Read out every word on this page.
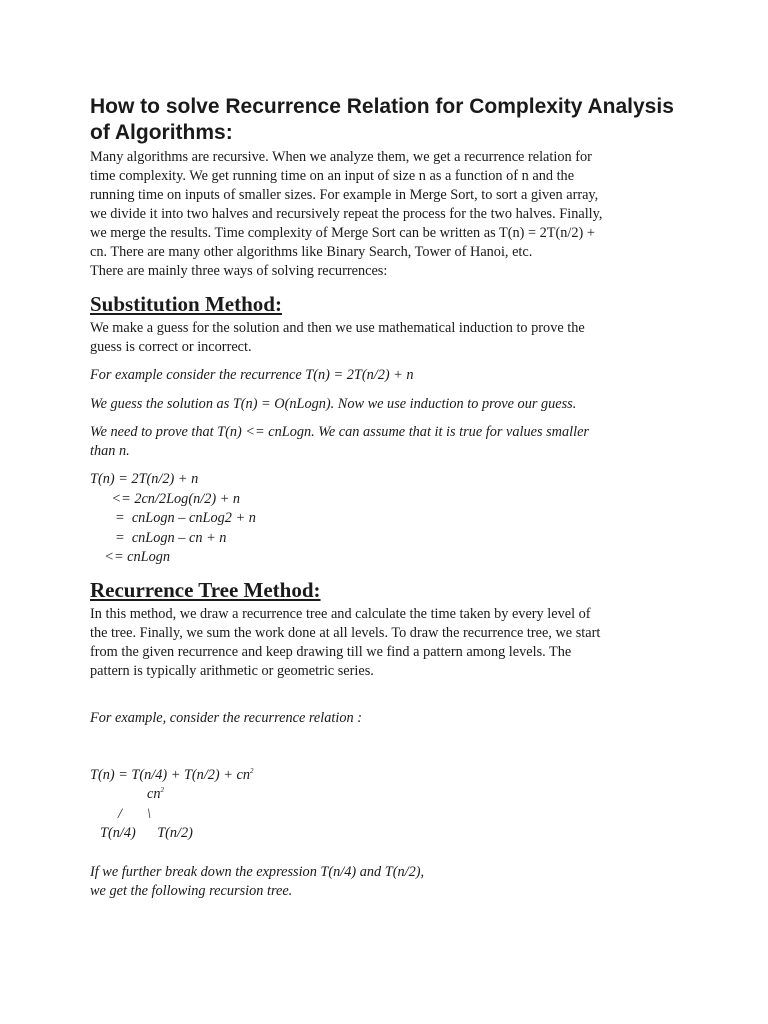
How to solve Recurrence Relation for Complexity Analysis of Algorithms:

Many algorithms are recursive. When we analyze them, we get a recurrence relation for

time complexity. We get running time on an input of size n as a function of n and the

running time on inputs of smaller sizes. For example in Merge Sort, to sort a given array,

we divide it into two halves and recursively repeat the process for the two halves. Finally,

we merge the results. Time complexity of Merge Sort can be written as T(n) = 2T(n/2) +

cn. There are many other algorithms like Binary Search, Tower of Hanoi, etc.

There are mainly three ways of solving recurrences:

Substitution Method:

We make a guess for the solution and then we use mathematical induction to prove the

guess is correct or incorrect.

For example consider the recurrence T(n) = 2T(n/2) + n

We guess the solution as T(n) = O(nLogn). Now we use induction to prove our guess.

We need to prove that T(n) <= cnLogn. We can assume that it is true for values smaller

than n.

T(n) = 2T(n/2) + n
<= 2cn/2Log(n/2) + n
=  cnLogn – cnLog2 + n
=  cnLogn – cn + n
<= cnLogn
Recurrence Tree Method:

In this method, we draw a recurrence tree and calculate the time taken by every level of

the tree. Finally, we sum the work done at all levels. To draw the recurrence tree, we start

from the given recurrence and keep drawing till we find a pattern among levels. The

pattern is typically arithmetic or geometric series.

For example, consider the recurrence relation :

$T(n) = T(n/4) + T(n/2) + cn^2$
$cn^2$
/       \
T(n/4)      T(n/2)

If we further break down the expression T(n/4) and T(n/2),

we get the following recursion tree.
